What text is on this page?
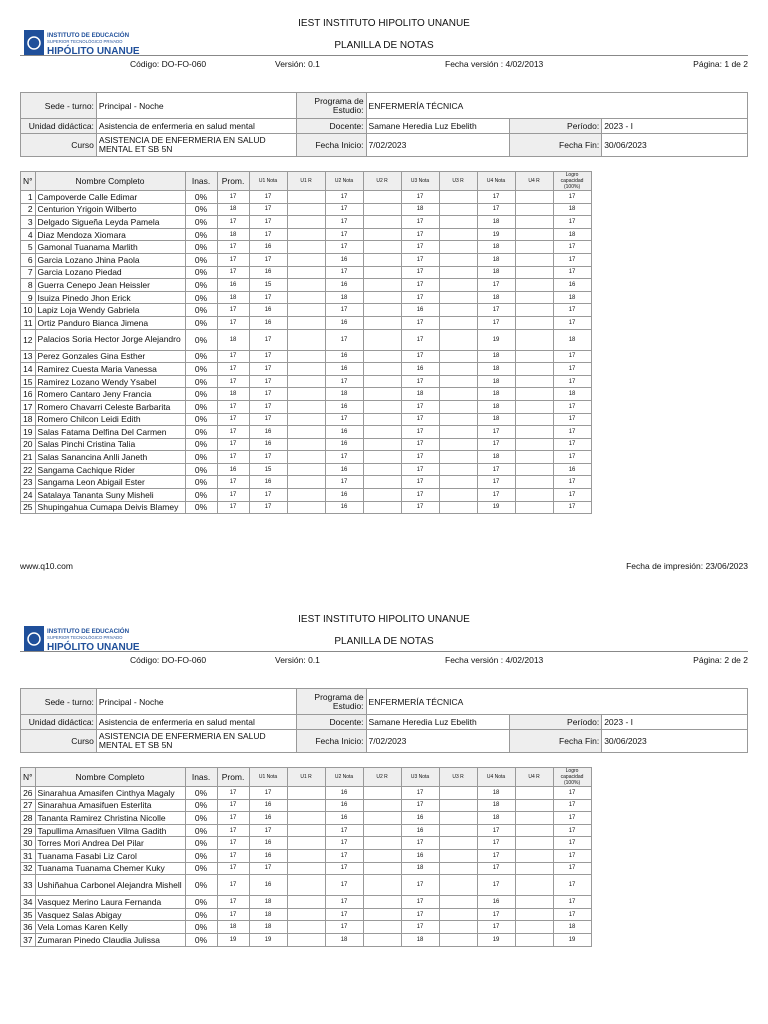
IEST INSTITUTO HIPOLITO UNANUE
INSTITUTO DE EDUCACIÓN
SUPERIOR TECNOLÓGICO PRIVADO
HIPÓLITO UNANUE
PLANILLA DE NOTAS
Código: DO-FO-060	Versión: 0.1	Fecha versión : 4/02/2013	Página: 1 de 2
Sede - turno:	Principal - Noche	Programa de Estudio:	ENFERMERÍA TÉCNICA		
Unidad didáctica:	Asistencia de enfermeria en salud mental	Docente:	Samane Heredia Luz Ebelith	Período:	2023 - I
Curso	ASISTENCIA DE ENFERMERIA EN SALUD MENTAL ET SB 5N	Fecha Inicio:	7/02/2023	Fecha Fin:	30/06/2023
N°	Nombre Completo	Inas.	Prom.	U1 Nota	U1 R	U2 Nota	U2 R	U3 Nota	U3 R	U4 Nota	U4 R	Logro capacidad (100%)
1	Campoverde Calle Edimar	0%	17	17		17		17		17		17
2	Centurion Yrigoin Wilberto	0%	18	17		17		18		17		18
3	Delgado Sigueña Leyda Pamela	0%	17	17		17		17		18		17
4	Diaz Mendoza Xiomara	0%	18	17		17		17		19		18
5	Gamonal Tuanama Marlith	0%	17	16		17		17		18		17
6	Garcia Lozano Jhina Paola	0%	17	17		16		17		18		17
7	Garcia Lozano Piedad	0%	17	16		17		17		18		17
8	Guerra Cenepo Jean Heissler	0%	16	15		16		17		17		16
9	Isuiza Pinedo Jhon Erick	0%	18	17		18		17		18		18
10	Lapiz Loja Wendy Gabriela	0%	17	16		17		16		17		17
11	Ortiz Panduro Bianca Jimena	0%	17	16		16		17		17		17
12	Palacios Soria Hector Jorge Alejandro	0%	18	17		17		17		19		18
13	Perez Gonzales Gina Esther	0%	17	17		16		17		18		17
14	Ramirez Cuesta Maria Vanessa	0%	17	17		16		16		18		17
15	Ramirez Lozano Wendy Ysabel	0%	17	17		17		17		18		17
16	Romero Cantaro Jeny Francia	0%	18	17		18		18		18		18
17	Romero Chavarri Celeste Barbarita	0%	17	17		16		17		18		17
18	Romero Chilcon Leidi Edith	0%	17	17		17		17		18		17
19	Salas Fatama Delfina Del Carmen	0%	17	16		16		17		17		17
20	Salas Pinchi Cristina Talia	0%	17	16		16		17		17		17
21	Salas Sanancina Anlli Janeth	0%	17	17		17		17		18		17
22	Sangama Cachique Rider	0%	16	15		16		17		17		16
23	Sangama Leon Abigail Ester	0%	17	16		17		17		17		17
24	Satalaya Tananta Suny Misheli	0%	17	17		16		17		17		17
25	Shupingahua Cumapa Deivis Blamey	0%	17	17		16		17		19		17
IEST INSTITUTO HIPOLITO UNANUE
INSTITUTO DE EDUCACIÓN
SUPERIOR TECNOLÓGICO PRIVADO
HIPÓLITO UNANUE
PLANILLA DE NOTAS
Código: DO-FO-060	Versión: 0.1	Fecha versión : 4/02/2013	Página: 2 de 2
Sede - turno:	Principal - Noche	Programa de Estudio:	ENFERMERÍA TÉCNICA		
Unidad didáctica:	Asistencia de enfermeria en salud mental	Docente:	Samane Heredia Luz Ebelith	Período:	2023 - I
Curso	ASISTENCIA DE ENFERMERIA EN SALUD MENTAL ET SB 5N	Fecha Inicio:	7/02/2023	Fecha Fin:	30/06/2023
N°	Nombre Completo	Inas.	Prom.	U1 Nota	U1 R	U2 Nota	U2 R	U3 Nota	U3 R	U4 Nota	U4 R	Logro capacidad (100%)
26	Sinarahua Amasifen Cinthya Magaly	0%	17	17		16		17		18		17
27	Sinarahua Amasifuen Esterlita	0%	17	16		16		17		18		17
28	Tananta Ramirez Christina Nicolle	0%	17	16		16		16		18		17
29	Tapullima Amasifuen Vilma Gadith	0%	17	17		17		16		17		17
30	Torres Mori Andrea Del Pilar	0%	17	16		17		17		17		17
31	Tuanama Fasabi Liz Carol	0%	17	16		17		16		17		17
32	Tuanama Tuanama Chemer Kuky	0%	17	17		17		18		17		17
33	Ushiñahua Carbonel Alejandra Mishell	0%	17	16		17		17		17		17
34	Vasquez Merino Laura Fernanda	0%	17	18		17		17		16		17
35	Vasquez Salas Abigay	0%	17	18		17		17		17		17
36	Vela Lomas Karen Kelly	0%	18	18		17		17		17		18
37	Zumaran Pinedo Claudia Julissa	0%	19	19		18		18		19		19
www.q10.com	Fecha de impresión: 23/06/2023
